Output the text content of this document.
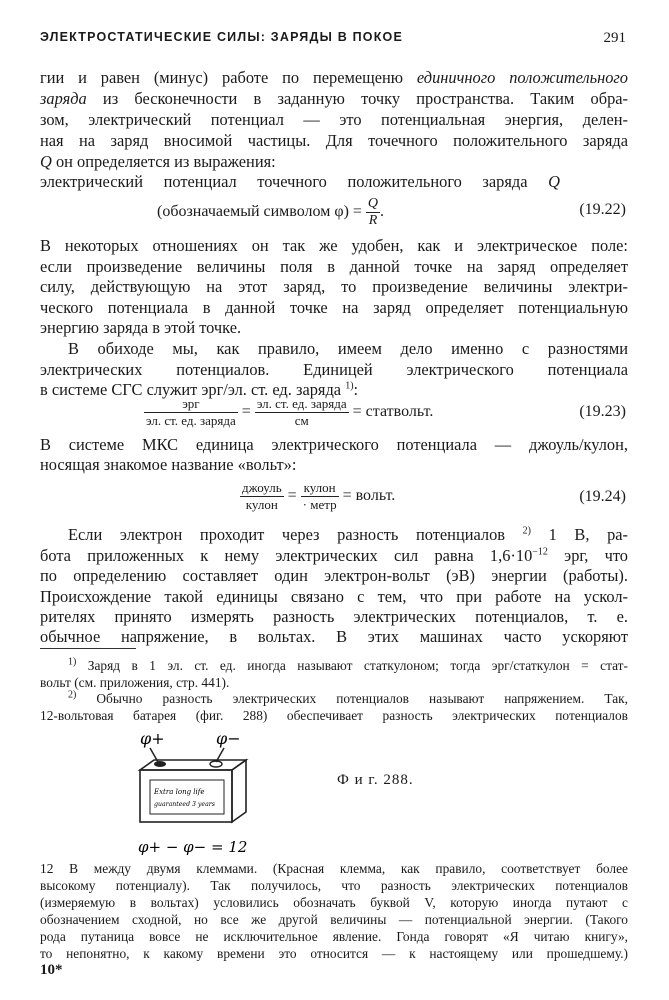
ЭЛЕКТРОСТАТИЧЕСКИЕ СИЛЫ: ЗАРЯДЫ В ПОКОЕ	291
гии и равен (минус) работе по перемещеню единичного положительного
заряда из бесконечности в заданную точку пространства. Таким обра-
зом, электрический потенциал — это потенциальная энергия, делен-
ная на заряд вносимой частицы. Для точечного положительного заряда
Q он определяется из выражения:
электрический потенциал точечного положительного заряда Q
(обозначаемый символом $\varphi) = \frac{Q}{R}$ .	(19.22)
В некоторых отношениях он так же удобен, как и электрическое поле:
если произведение величины поля в данной точке на заряд определяет
силу, действующую на этот заряд, то произведение величины электри-
ческого потенциала в данной точке на заряд определяет потенциальную
энергию заряда в этой точке.
В обиходе мы, как правило, имеем дело именно с разностями
электрических потенциалов. Единицей электрического потенциала
в системе СГС служит эрг/эл. ст. ед. заряда $^{1)}$:
$\frac{\text{эрг}}{\text{эл. ст. ед. заряда}} = \frac{\text{эл. ст. ед. заряда}}{см}$ = статвольт.	(19.23)
В системе МКС единица электрического потенциала — джоуль/кулон,
носящая знакомое название «вольт»:
$\frac{\text{джоуль}}{\text{кулон}} = \frac{\text{кулон}}{\text{· метр}}$ = вольт.	(19.24)
Если электрон проходит через разность потенциалов $^{2)}$ 1 В, ра-
бота приложенных к нему электрических сил равна $1,6\cdot 10^{-12}$ эрг, что
по определению составляет один электрон-вольт (эВ) энергии (работы).
Происхождение такой единицы связано с тем, что при работе на ускол-
рителях принято измерять разность электрических потенциалов, т. е.
обычное напряжение, в вольтах. В этих машинах часто ускоряют
$^{1)}$ Заряд в 1 эл. ст. ед. иногда называют статкулоном; тогда эрг/статкулон = стат-
вольт (см. приложения, стр. 441).
$^{2)}$ Обычно разность электрических потенциалов называют напряжением. Так,
12-вольтовая батарея (фиг. 288) обеспечивает разность электрических потенциалов
φ+	φ−
Extra long life
guaranteed 3 years
φ+ − φ− = 12
Ф и г. 288.
12 В между двумя клеммами. (Красная клемма, как правило, соответствует более
высокому потенциалу). Так получилось, что разность электрических потенциалов
(измеряемую в вольтах) условились обозначать буквой V, которую иногда путают с
обозначением сходной, но все же другой величины — потенциальной энергии. (Такого
рода путаница вовсе не исключительное явление. Гонда говорят «Я читаю книгу»,
то непонятно, к какому времени это относится — к настоящему или прошедшему.)
10*
